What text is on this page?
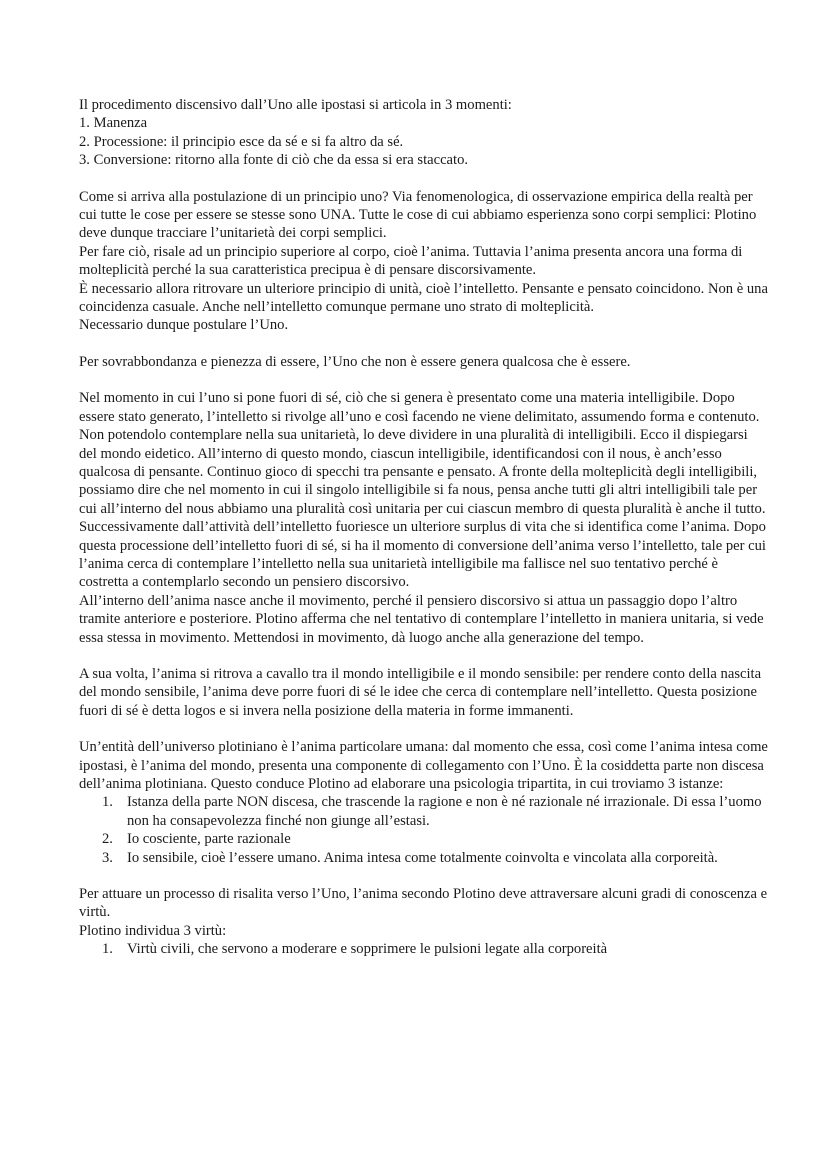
Il procedimento discensivo dall’Uno alle ipostasi si articola in 3 momenti:

1. Manenza
2. Processione: il principio esce da sé e si fa altro da sé.
3. Conversione: ritorno alla fonte di ciò che da essa si era staccato.

Come si arriva alla postulazione di un principio uno? Via fenomenologica, di osservazione empirica della realtà per cui tutte le cose per essere se stesse sono UNA. Tutte le cose di cui abbiamo esperienza sono corpi semplici: Plotino deve dunque tracciare l’unitarietà dei corpi semplici.

Per fare ciò, risale ad un principio superiore al corpo, cioè l’anima. Tuttavia l’anima presenta ancora una forma di molteplicità perché la sua caratteristica precipua è di pensare discorsivamente.

È necessario allora ritrovare un ulteriore principio di unità, cioè l’intelletto. Pensante e pensato coincidono. Non è una coincidenza casuale. Anche nell’intelletto comunque permane uno strato di molteplicità.

Necessario dunque postulare l’Uno.

Per sovrabbondanza e pienezza di essere, l’Uno che non è essere genera qualcosa che è essere.

Nel momento in cui l’uno si pone fuori di sé, ciò che si genera è presentato come una materia intelligibile. Dopo essere stato generato, l’intelletto si rivolge all’uno e così facendo ne viene delimitato, assumendo forma e contenuto.

Non potendolo contemplare nella sua unitarietà, lo deve dividere in una pluralità di intelligibili. Ecco il dispiegarsi del mondo eidetico. All’interno di questo mondo, ciascun intelligibile, identificandosi con il nous, è anch’esso qualcosa di pensante. Continuo gioco di specchi tra pensante e pensato. A fronte della molteplicità degli intelligibili, possiamo dire che nel momento in cui il singolo intelligibile si fa nous, pensa anche tutti gli altri intelligibili tale per cui all’interno del nous abbiamo una pluralità così unitaria per cui ciascun membro di questa pluralità è anche il tutto.

Successivamente dall’attività dell’intelletto fuoriesce un ulteriore surplus di vita che si identifica come l’anima. Dopo questa processione dell’intelletto fuori di sé, si ha il momento di conversione dell’anima verso l’intelletto, tale per cui l’anima cerca di contemplare l’intelletto nella sua unitarietà intelligibile ma fallisce nel suo tentativo perché è costretta a contemplarlo secondo un pensiero discorsivo.

All’interno dell’anima nasce anche il movimento, perché il pensiero discorsivo si attua un passaggio dopo l’altro tramite anteriore e posteriore. Plotino afferma che nel tentativo di contemplare l’intelletto in maniera unitaria, si vede essa stessa in movimento. Mettendosi in movimento, dà luogo anche alla generazione del tempo.

A sua volta, l’anima si ritrova a cavallo tra il mondo intelligibile e il mondo sensibile: per rendere conto della nascita del mondo sensibile, l’anima deve porre fuori di sé le idee che cerca di contemplare nell’intelletto. Questa posizione fuori di sé è detta logos e si invera nella posizione della materia in forme immanenti.

Un’entità dell’universo plotiniano è l’anima particolare umana: dal momento che essa, così come l’anima intesa come ipostasi, è l’anima del mondo, presenta una componente di collegamento con l’Uno. È la cosiddetta parte non discesa dell’anima plotiniana. Questo conduce Plotino ad elaborare una psicologia tripartita, in cui troviamo 3 istanze:

1. Istanza della parte NON discesa, che trascende la ragione e non è né razionale né irrazionale. Di essa l’uomo non ha consapevolezza finché non giunge all’estasi.
2. Io cosciente, parte razionale
3. Io sensibile, cioè l’essere umano. Anima intesa come totalmente coinvolta e vincolata alla corporeità.

Per attuare un processo di risalita verso l’Uno, l’anima secondo Plotino deve attraversare alcuni gradi di conoscenza e virtù.

Plotino individua 3 virtù:

1. Virtù civili, che servono a moderare e sopprimere le pulsioni legate alla corporeità
